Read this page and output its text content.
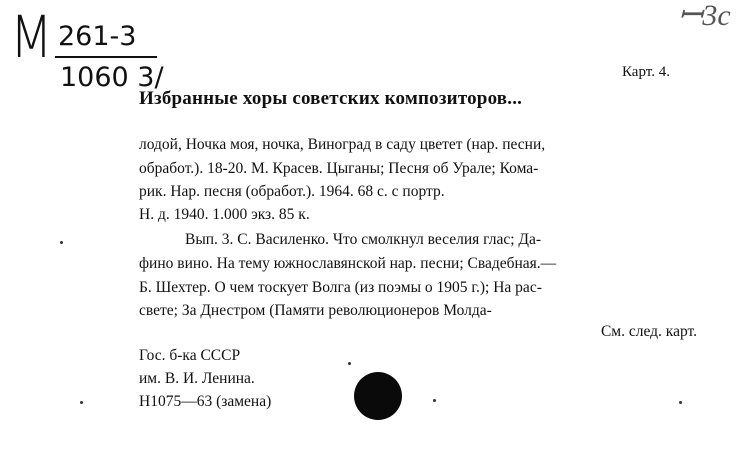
М 261-3
1060 3/
ꟷ3c
Карт. 4.
Избранные хоры советских композиторов...
лодой, Ночка моя, ночка, Виноград в саду цветет (нар. песни,
обработ.). 18-20. М. Красев. Цыганы; Песня об Урале; Кома-
рик. Нар. песня (обработ.). 1964. 68 с. с портр.
Н. д. 1940. 1.000 экз. 85 к.
Вып. 3. С. Василенко. Что смолкнул веселия глас; Да-
фино вино. На тему южнославянской нар. песни; Свадебная.—
Б. Шехтер. О чем тоскует Волга (из поэмы о 1905 г.); На рас-
свете; За Днестром (Памяти революционеров Молда-
См. след. карт.
Гос. б-ка СССР
им. В. И. Ленина.
Н1075—63 (замена)
